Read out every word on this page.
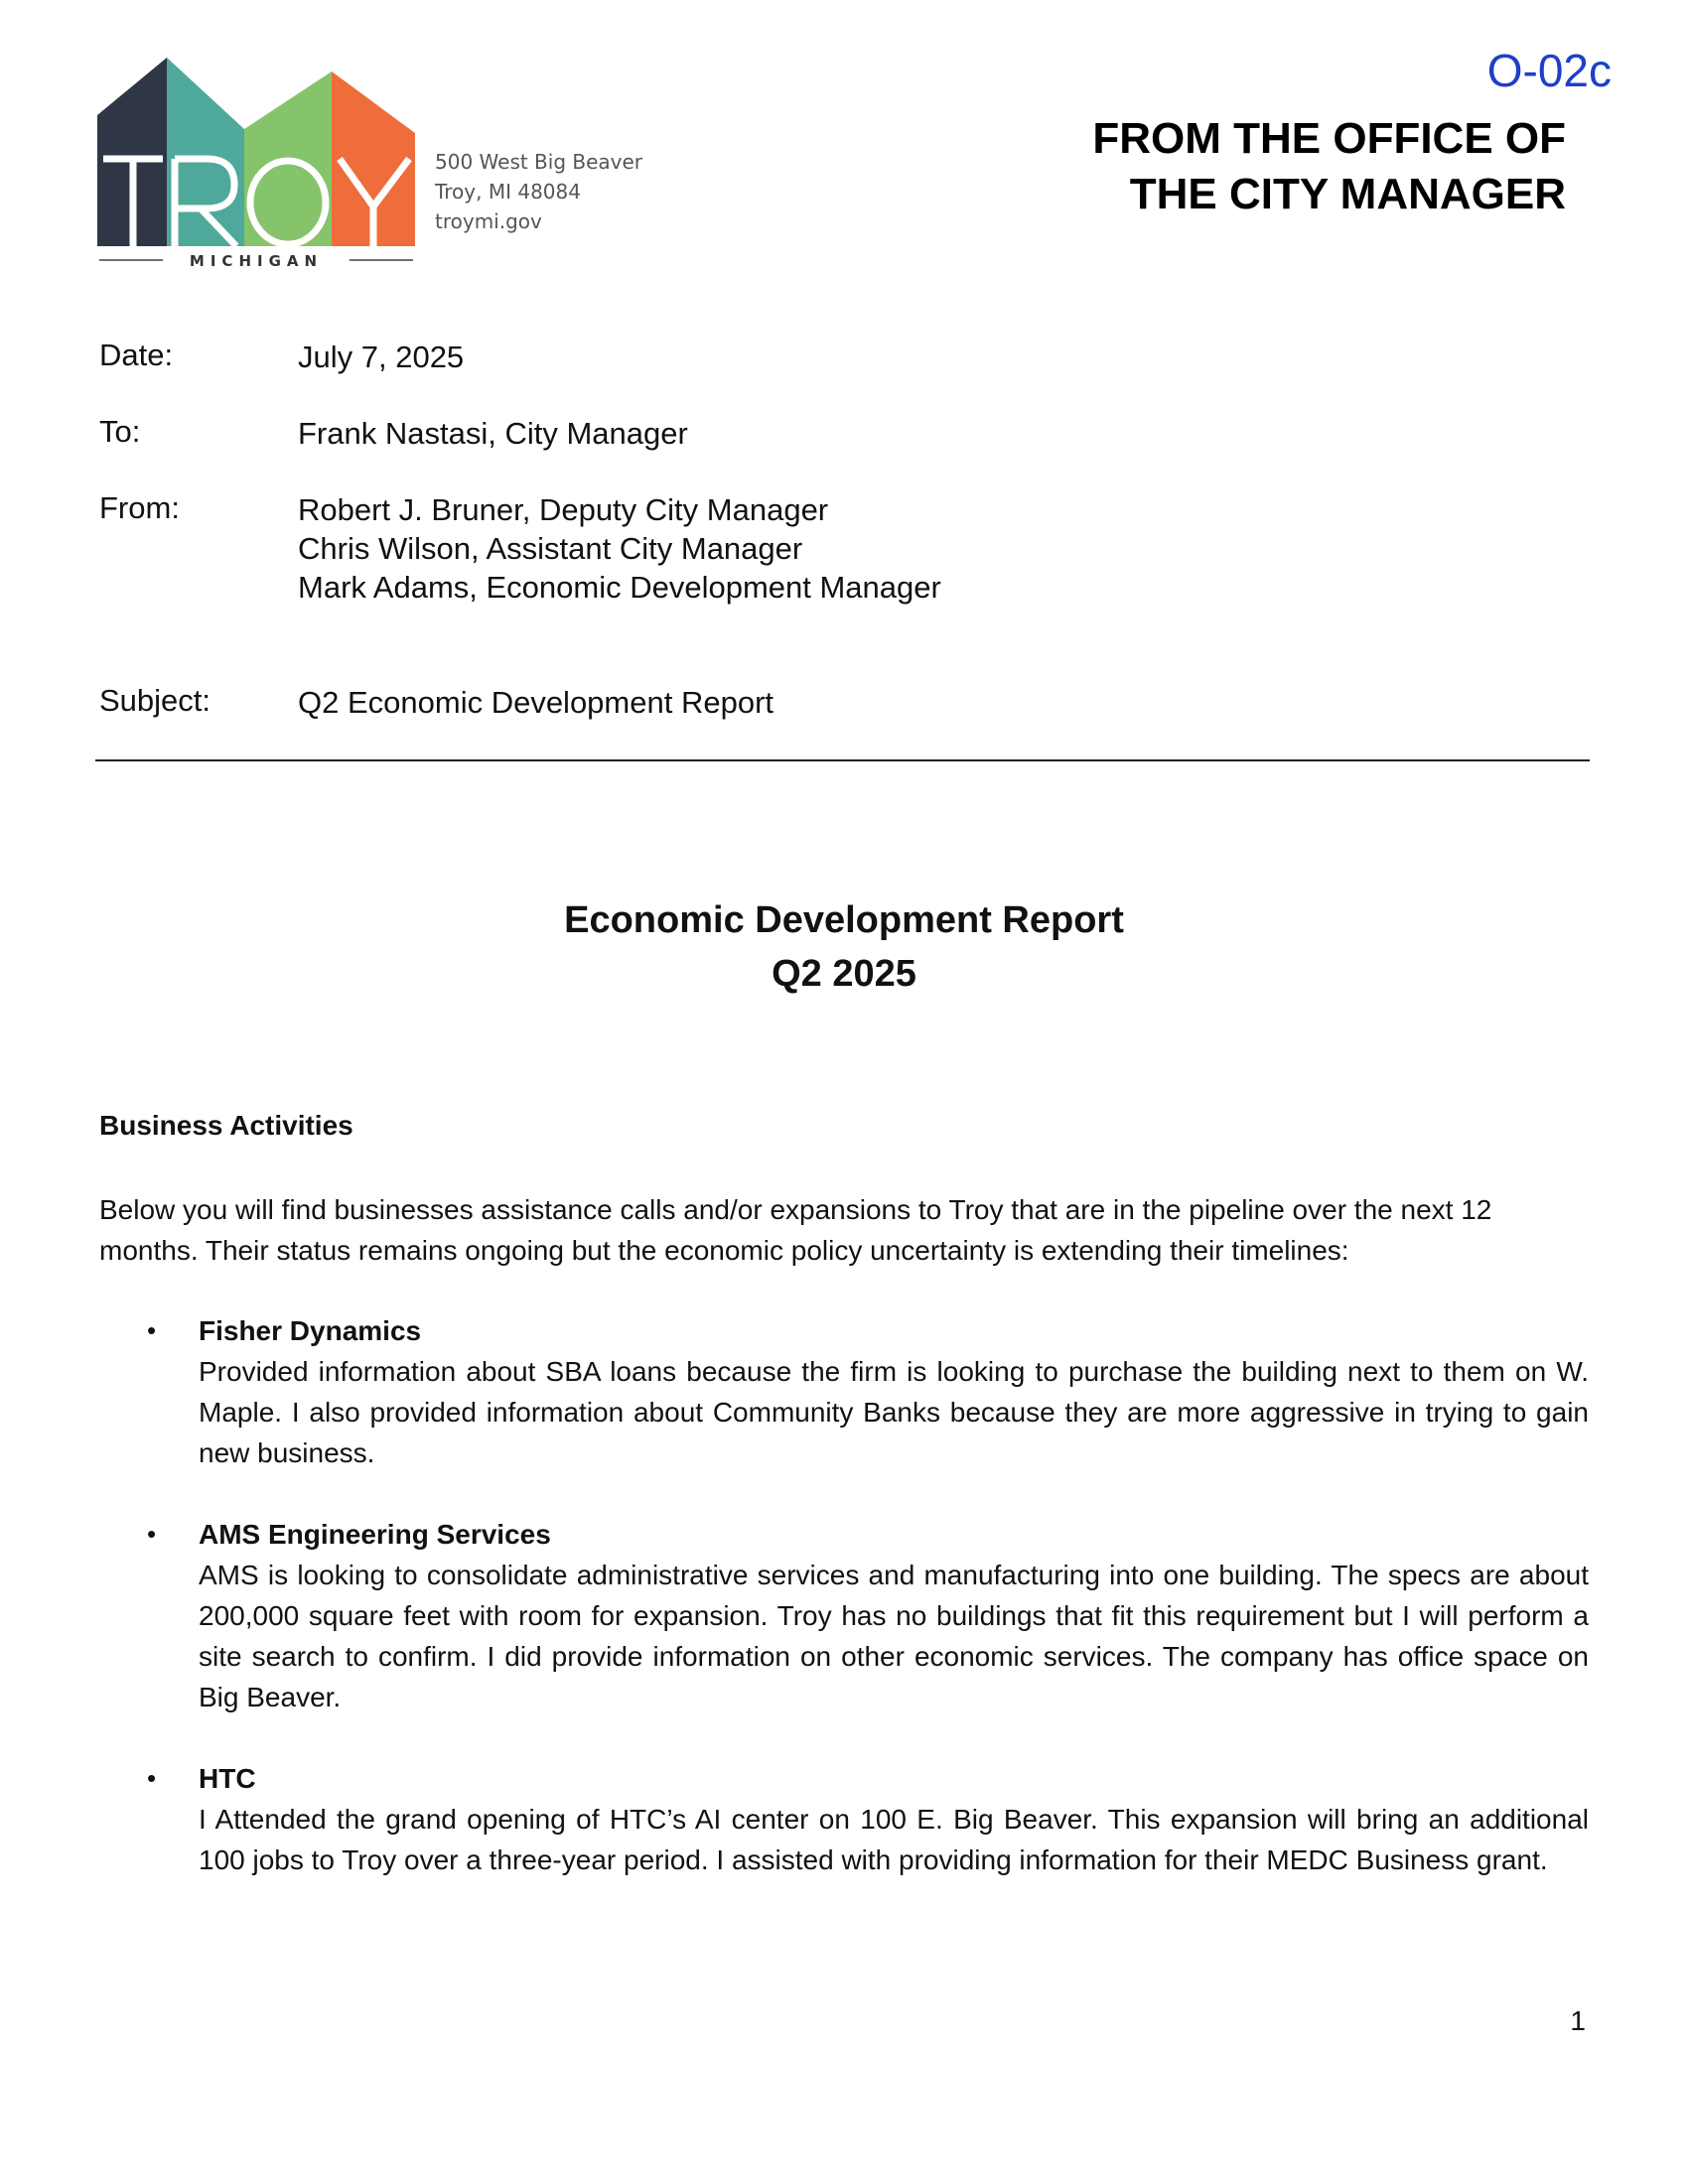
MICHIGAN
500 West Big Beaver
Troy, MI 48084
troymi.gov
O-02c
FROM THE OFFICE OF
THE CITY MANAGER
Date:	July 7, 2025
To:	Frank Nastasi, City Manager
From:	Robert J. Bruner, Deputy City Manager
Chris Wilson, Assistant City Manager
Mark Adams, Economic Development Manager
Subject:	Q2 Economic Development Report
Economic Development Report
Q2 2025
Business Activities
Below you will find businesses assistance calls and/or expansions to Troy that are in the pipeline over the next 12 months. Their status remains ongoing but the economic policy uncertainty is extending their timelines:
• Fisher Dynamics
Provided information about SBA loans because the firm is looking to purchase the building next to them on W. Maple. I also provided information about Community Banks because they are more aggressive in trying to gain new business.
• AMS Engineering Services
AMS is looking to consolidate administrative services and manufacturing into one building. The specs are about 200,000 square feet with room for expansion. Troy has no buildings that fit this requirement but I will perform a site search to confirm. I did provide information on other economic services. The company has office space on Big Beaver.
• HTC
I Attended the grand opening of HTC’s AI center on 100 E. Big Beaver. This expansion will bring an additional 100 jobs to Troy over a three-year period. I assisted with providing information for their MEDC Business grant.
1
